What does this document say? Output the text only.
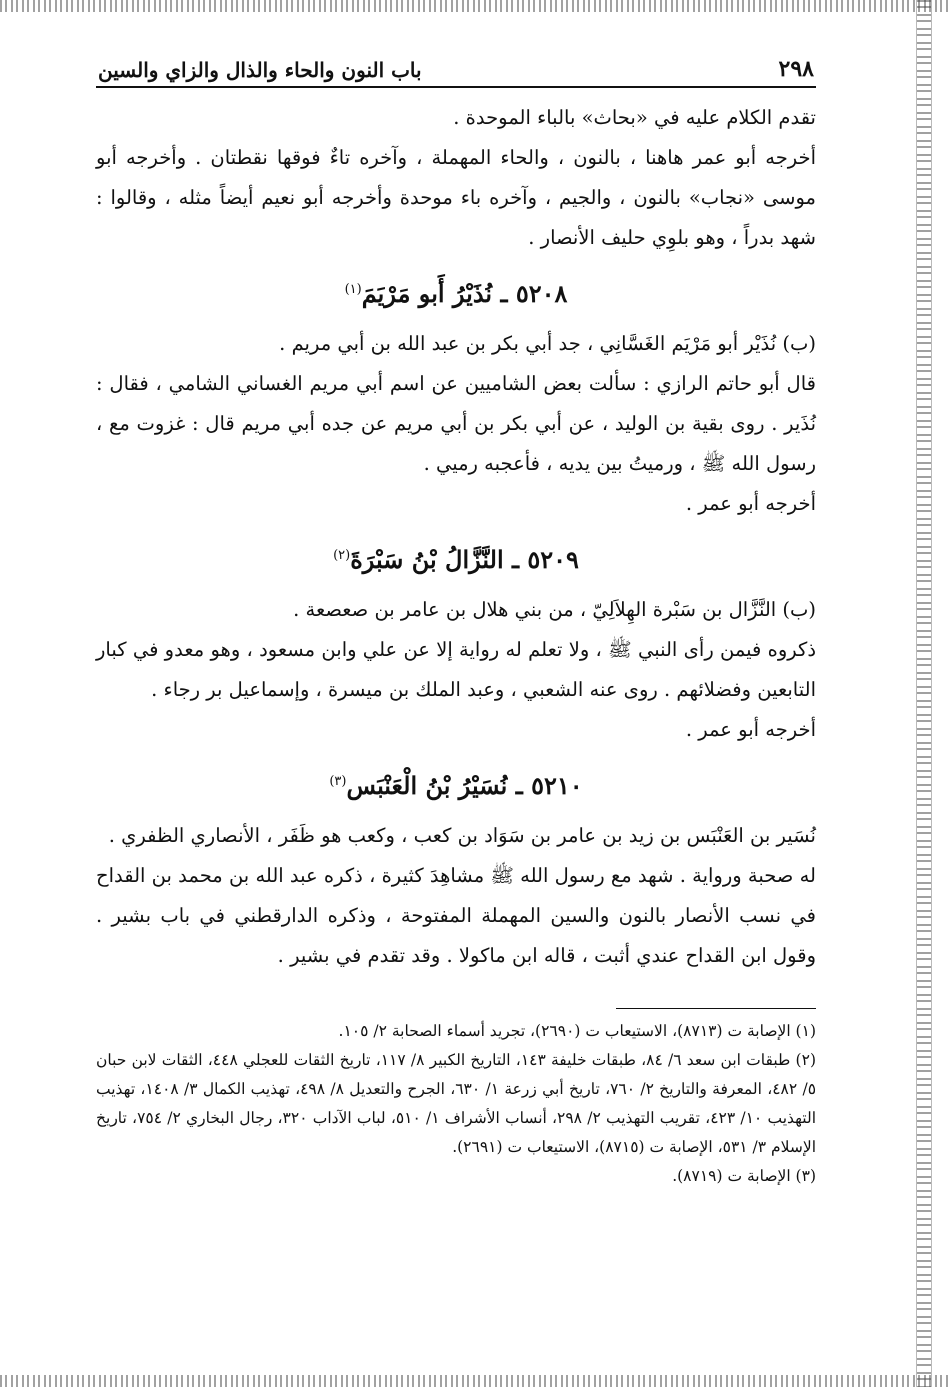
٢٩٨
باب النون والحاء والذال والزاي والسين

تقدم الكلام عليه في «بحاث» بالباء الموحدة .

أخرجه أبو عمر هاهنا ، بالنون ، والحاء المهملة ، وآخره تاءٌ فوقها نقطتان . وأخرجه أبو موسى «نجاب» بالنون ، والجيم ، وآخره باء موحدة وأخرجه أبو نعيم أيضاً مثله ، وقالوا : شهد بدراً ، وهو بلوِي حليف الأنصار .

٥٢٠٨ ـ نُذَيْرُ أَبو مَرْيَمَ$^{(١)}$

(ب) نُذَيْر أبو مَرْيَم الغَسَّانِي ، جد أبي بكر بن عبد الله بن أبي مريم .

قال أبو حاتم الرازي : سألت بعض الشاميين عن اسم أبي مريم الغساني الشامي ، فقال : نُذَير . روى بقية بن الوليد ، عن أبي بكر بن أبي مريم عن جده أبي مريم قال : غزوت مع ، رسول الله ﷺ ، ورميتُ بين يديه ، فأعجبه رميي .

أخرجه أبو عمر .

٥٢٠٩ ـ النَّزَّالُ بْنُ سَبْرَةَ$^{(٢)}$

(ب) النَّزَّال بن سَبْرة الهِلاَلِيّ ، من بني هلال بن عامر بن صعصعة .

ذكروه فيمن رأى النبي ﷺ ، ولا تعلم له رواية إلا عن علي وابن مسعود ، وهو معدو في كبار التابعين وفضلائهم . روى عنه الشعبي ، وعبد الملك بن ميسرة ، وإسماعيل بر رجاء .

أخرجه أبو عمر .

٥٢١٠ ـ نُسَيْرُ بْنُ الْعَنْبَس$^{(٣)}$

نُسَير بن العَنْبَس بن زيد بن عامر بن سَوَاد بن كعب ، وكعب هو ظَفَر ، الأنصاري الظفري .

له صحبة ورواية . شهد مع رسول الله ﷺ مشاهِدَ كثيرة ، ذكره عبد الله بن محمد بن القداح في نسب الأنصار بالنون والسين المهملة المفتوحة ، وذكره الدارقطني في باب بشير . وقول ابن القداح عندي أثبت ، قاله ابن ماكولا . وقد تقدم في بشير .

(١) الإصابة ت (٨٧١٣)، الاستيعاب ت (٢٦٩٠)، تجريد أسماء الصحابة ٢/ ١٠٥.

(٢) طبقات ابن سعد ٦/ ٨٤، طبقات خليفة ١٤٣، التاريخ الكبير ٨/ ١١٧، تاريخ الثقات للعجلي ٤٤٨، الثقات لابن حبان ٥/ ٤٨٢، المعرفة والتاريخ ٢/ ٧٦٠، تاريخ أبي زرعة ١/ ٦٣٠، الجرح والتعديل ٨/ ٤٩٨، تهذيب الكمال ٣/ ١٤٠٨، تهذيب التهذيب ١٠/ ٤٢٣، تقريب التهذيب ٢/ ٢٩٨، أنساب الأشراف ١/ ٥١٠، لباب الآداب ٣٢٠، رجال البخاري ٢/ ٧٥٤، تاريخ الإسلام ٣/ ٥٣١، الإصابة ت (٨٧١٥)، الاستيعاب ت (٢٦٩١).

(٣) الإصابة ت (٨٧١٩).
